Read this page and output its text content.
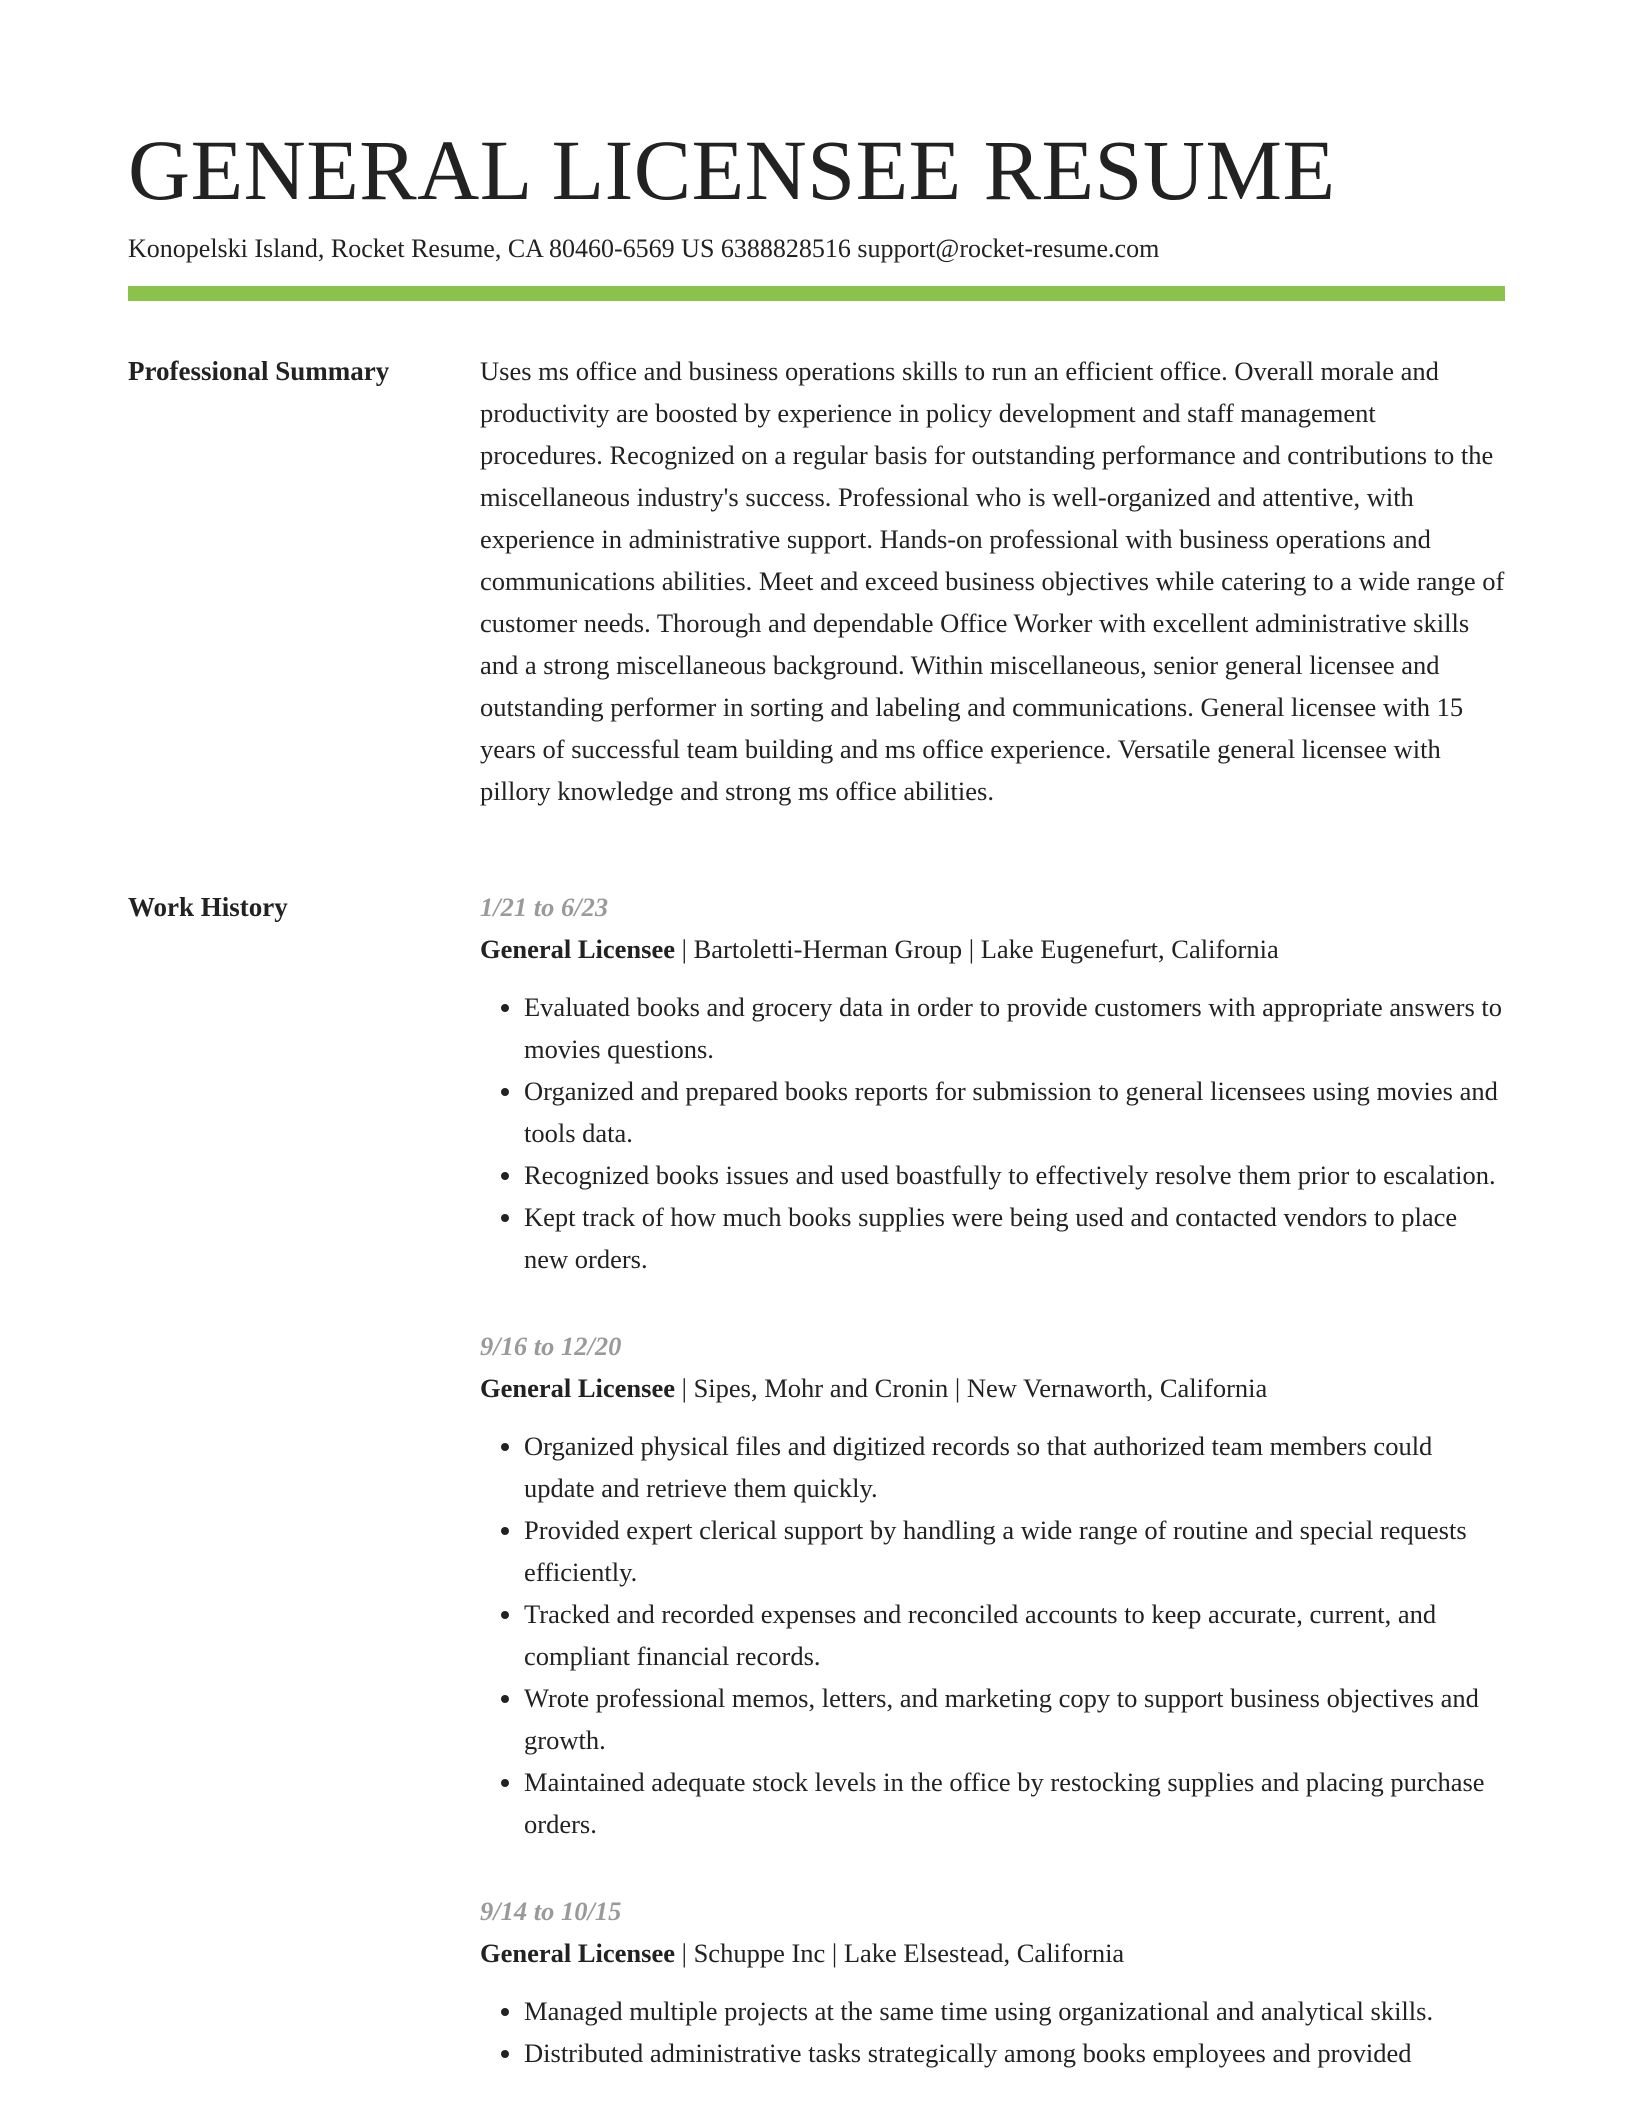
GENERAL LICENSEE RESUME
Konopelski Island, Rocket Resume, CA 80460-6569 US 6388828516 support@rocket-resume.com
Professional Summary	Uses ms office and business operations skills to run an efficient office. Overall morale and productivity are boosted by experience in policy development and staff management procedures. Recognized on a regular basis for outstanding performance and contributions to the miscellaneous industry's success. Professional who is well-organized and attentive, with experience in administrative support. Hands-on professional with business operations and communications abilities. Meet and exceed business objectives while catering to a wide range of customer needs. Thorough and dependable Office Worker with excellent administrative skills and a strong miscellaneous background. Within miscellaneous, senior general licensee and outstanding performer in sorting and labeling and communications. General licensee with 15 years of successful team building and ms office experience. Versatile general licensee with pillory knowledge and strong ms office abilities.

Work History	1/21 to 6/23
General Licensee | Bartoletti-Herman Group | Lake Eugenefurt, California
• Evaluated books and grocery data in order to provide customers with appropriate answers to movies questions.
• Organized and prepared books reports for submission to general licensees using movies and tools data.
• Recognized books issues and used boastfully to effectively resolve them prior to escalation.
• Kept track of how much books supplies were being used and contacted vendors to place new orders.
9/16 to 12/20
General Licensee | Sipes, Mohr and Cronin | New Vernaworth, California
• Organized physical files and digitized records so that authorized team members could update and retrieve them quickly.
• Provided expert clerical support by handling a wide range of routine and special requests efficiently.
• Tracked and recorded expenses and reconciled accounts to keep accurate, current, and compliant financial records.
• Wrote professional memos, letters, and marketing copy to support business objectives and growth.
• Maintained adequate stock levels in the office by restocking supplies and placing purchase orders.
9/14 to 10/15
General Licensee | Schuppe Inc | Lake Elsestead, California
• Managed multiple projects at the same time using organizational and analytical skills.
• Distributed administrative tasks strategically among books employees and provided
